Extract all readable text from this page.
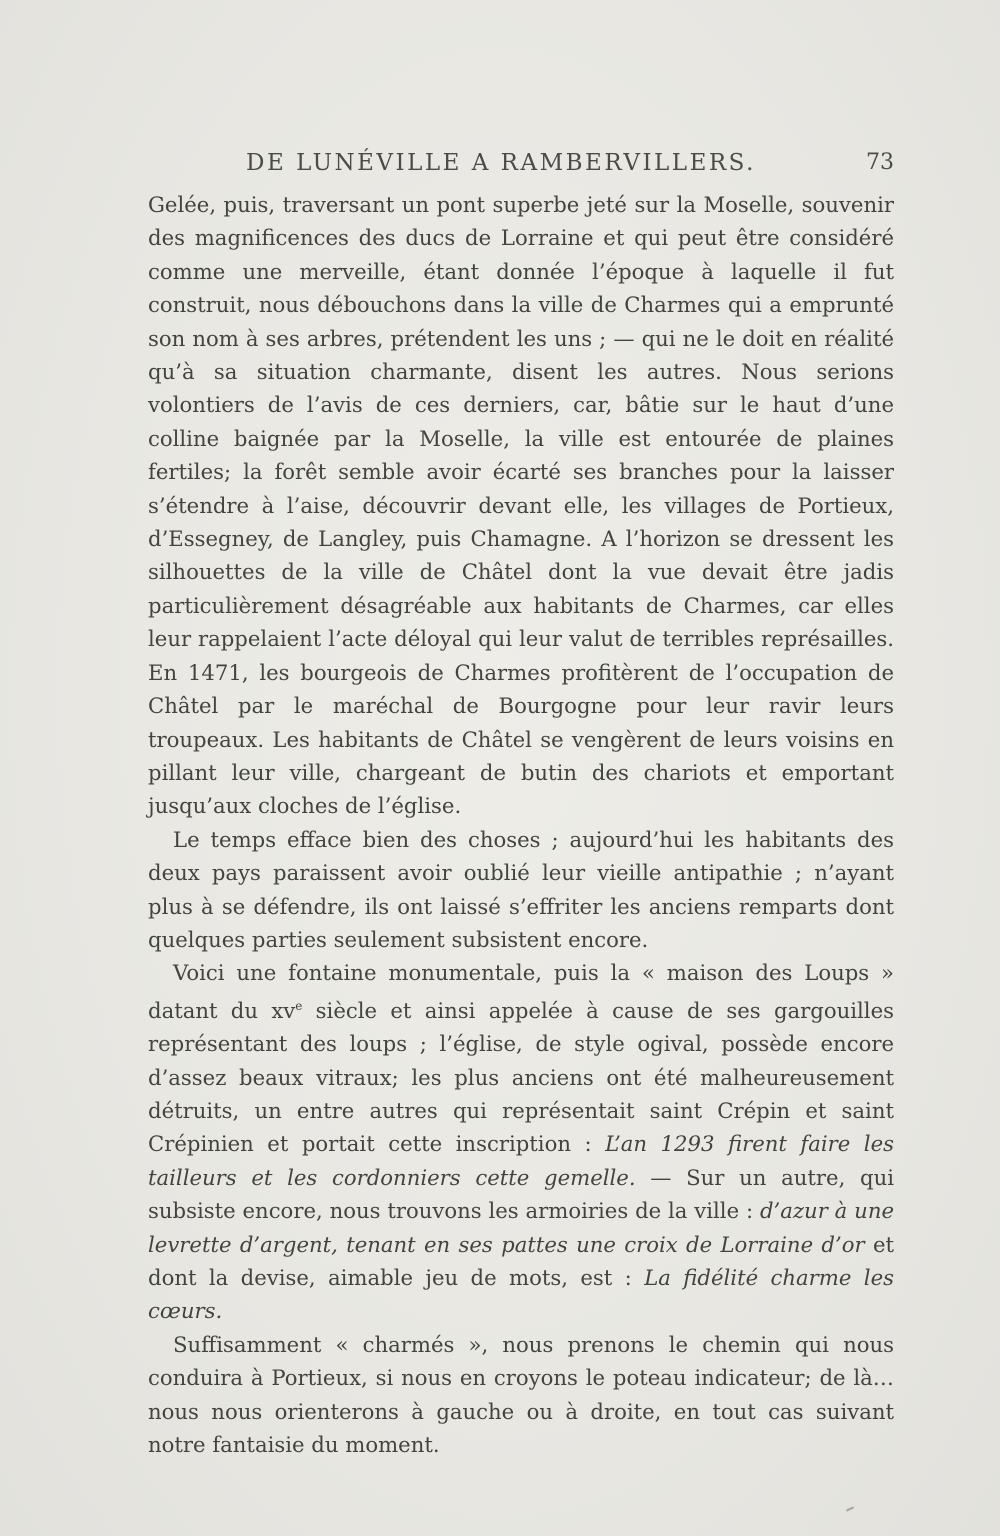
DE LUNÉVILLE A RAMBERVILLERS.	73

Gelée, puis, traversant un pont superbe jeté sur la Moselle, souvenir des magnificences des ducs de Lorraine et qui peut être considéré comme une merveille, étant donnée l’époque à laquelle il fut construit, nous débouchons dans la ville de Charmes qui a emprunté son nom à ses arbres, prétendent les uns ; — qui ne le doit en réalité qu’à sa situation charmante, disent les autres. Nous serions volontiers de l’avis de ces derniers, car, bâtie sur le haut d’une colline baignée par la Moselle, la ville est entourée de plaines fertiles; la forêt semble avoir écarté ses branches pour la laisser s’étendre à l’aise, découvrir devant elle, les villages de Portieux, d’Essegney, de Langley, puis Chamagne. A l’horizon se dressent les silhouettes de la ville de Châtel dont la vue devait être jadis particulièrement désagréable aux habitants de Charmes, car elles leur rappelaient l’acte déloyal qui leur valut de terribles représailles. En 1471, les bourgeois de Charmes profitèrent de l’occupation de Châtel par le maréchal de Bourgogne pour leur ravir leurs troupeaux. Les habitants de Châtel se vengèrent de leurs voisins en pillant leur ville, chargeant de butin des chariots et emportant jusqu’aux cloches de l’église.

Le temps efface bien des choses ; aujourd’hui les habitants des deux pays paraissent avoir oublié leur vieille antipathie ; n’ayant plus à se défendre, ils ont laissé s’effriter les anciens remparts dont quelques parties seulement subsistent encore.

Voici une fontaine monumentale, puis la « maison des Loups » datant du $xv^e$ siècle et ainsi appelée à cause de ses gargouilles représentant des loups ; l’église, de style ogival, possède encore d’assez beaux vitraux; les plus anciens ont été malheureusement détruits, un entre autres qui représentait saint Crépin et saint Crépinien et portait cette inscription : L’an 1293 firent faire les tailleurs et les cordonniers cette gemelle. — Sur un autre, qui subsiste encore, nous trouvons les armoiries de la ville : d’azur à une levrette d’argent, tenant en ses pattes une croix de Lorraine d’or et dont la devise, aimable jeu de mots, est : La fidélité charme les cœurs.

Suffisamment « charmés », nous prenons le chemin qui nous conduira à Portieux, si nous en croyons le poteau indicateur; de là… nous nous orienterons à gauche ou à droite, en tout cas suivant notre fantaisie du moment.
